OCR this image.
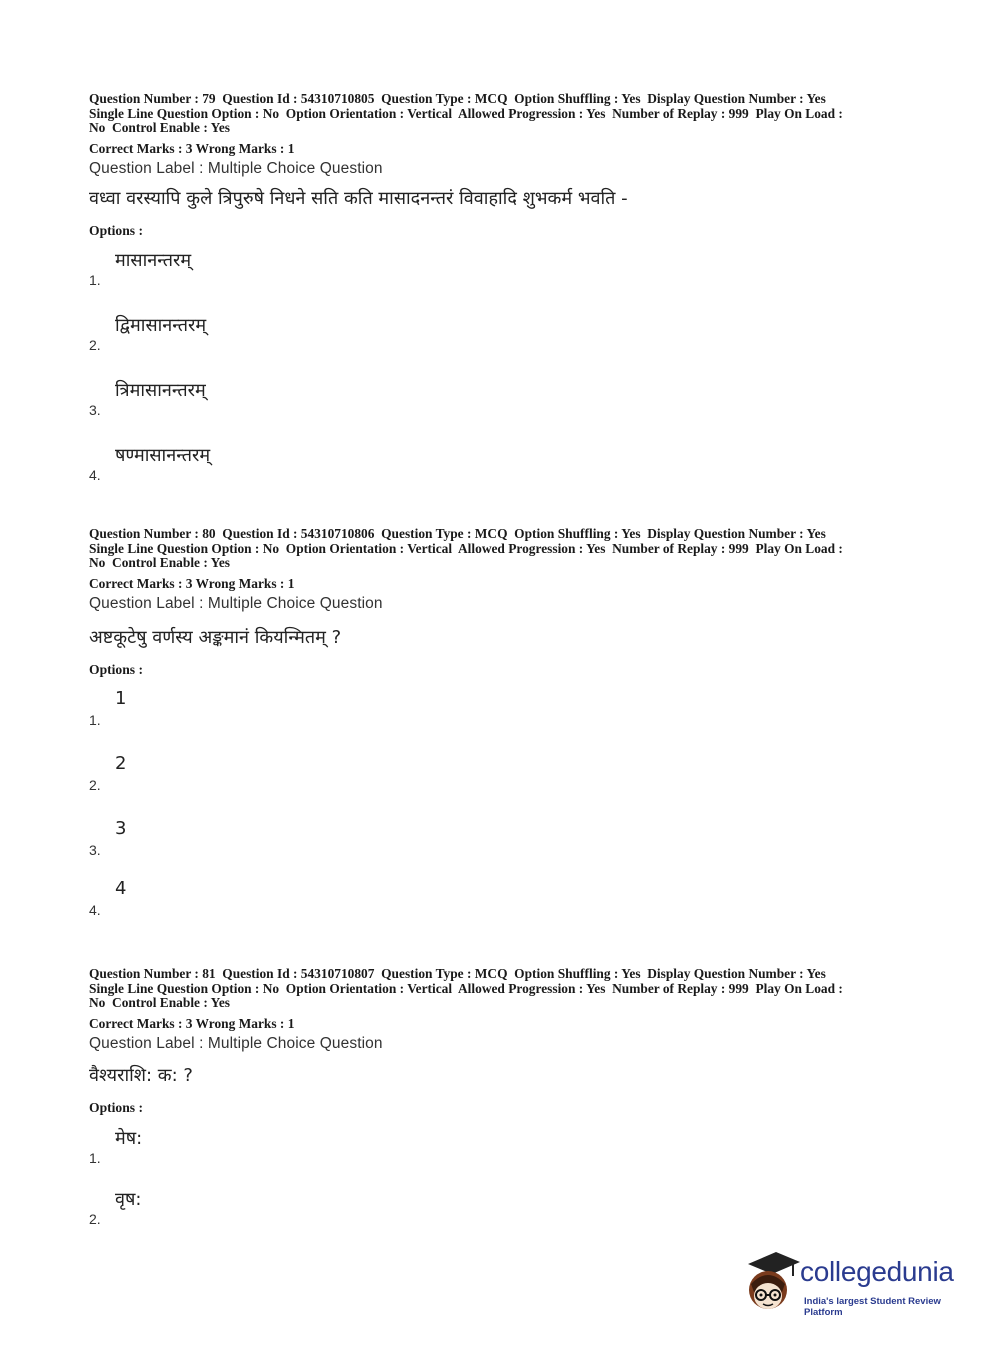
Question Number : 79  Question Id : 54310710805  Question Type : MCQ  Option Shuffling : Yes  Display Question Number : Yes
Single Line Question Option : No  Option Orientation : Vertical  Allowed Progression : Yes  Number of Replay : 999  Play On Load :
No  Control Enable : Yes
Correct Marks : 3 Wrong Marks : 1
Question Label : Multiple Choice Question
वध्वा वरस्यापि कुले त्रिपुरुषे निधने सति कति मासादनन्तरं विवाहादि शुभकर्म भवति -
Options :
1.
मासानन्तरम्
2.
द्विमासानन्तरम्
3.
त्रिमासानन्तरम्
4.
षण्मासानन्तरम्
Question Number : 80  Question Id : 54310710806  Question Type : MCQ  Option Shuffling : Yes  Display Question Number : Yes
Single Line Question Option : No  Option Orientation : Vertical  Allowed Progression : Yes  Number of Replay : 999  Play On Load :
No  Control Enable : Yes
Correct Marks : 3 Wrong Marks : 1
Question Label : Multiple Choice Question
अष्टकूटेषु वर्णस्य अङ्कमानं कियन्मितम् ?
Options :
1.
1
2.
2
3.
3
4.
4
Question Number : 81  Question Id : 54310710807  Question Type : MCQ  Option Shuffling : Yes  Display Question Number : Yes
Single Line Question Option : No  Option Orientation : Vertical  Allowed Progression : Yes  Number of Replay : 999  Play On Load :
No  Control Enable : Yes
Correct Marks : 3 Wrong Marks : 1
Question Label : Multiple Choice Question
वैश्यराशि: क: ?
Options :
1.
मेष:
2.
वृष:
collegedunia
India's largest Student Review Platform
